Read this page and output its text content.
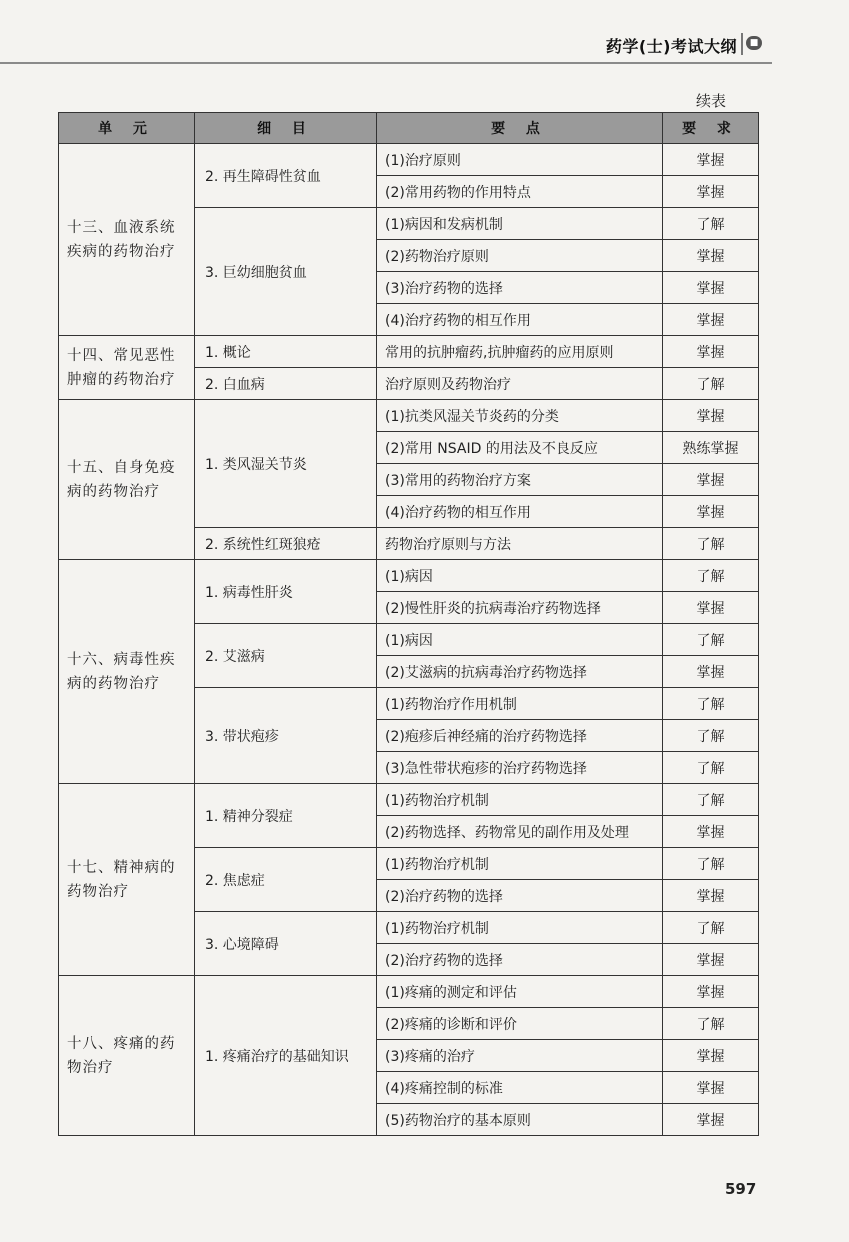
药学(士)考试大纲	■
续表
单 元	细 目	要 点	要 求
十三、血液系统疾病的药物治疗	2. 再生障碍性贫血	(1)治疗原则	掌握
		(2)常用药物的作用特点	掌握
	3. 巨幼细胞贫血	(1)病因和发病机制	了解
		(2)药物治疗原则	掌握
		(3)治疗药物的选择	掌握
		(4)治疗药物的相互作用	掌握
十四、常见恶性肿瘤的药物治疗	1. 概论	常用的抗肿瘤药,抗肿瘤药的应用原则	掌握
	2. 白血病	治疗原则及药物治疗	了解
十五、自身免疫病的药物治疗	1. 类风湿关节炎	(1)抗类风湿关节炎药的分类	掌握
		(2)常用 NSAID 的用法及不良反应	熟练掌握
		(3)常用的药物治疗方案	掌握
		(4)治疗药物的相互作用	掌握
	2. 系统性红斑狼疮	药物治疗原则与方法	了解
十六、病毒性疾病的药物治疗	1. 病毒性肝炎	(1)病因	了解
		(2)慢性肝炎的抗病毒治疗药物选择	掌握
	2. 艾滋病	(1)病因	了解
		(2)艾滋病的抗病毒治疗药物选择	掌握
	3. 带状疱疹	(1)药物治疗作用机制	了解
		(2)疱疹后神经痛的治疗药物选择	了解
		(3)急性带状疱疹的治疗药物选择	了解
十七、精神病的药物治疗	1. 精神分裂症	(1)药物治疗机制	了解
		(2)药物选择、药物常见的副作用及处理	掌握
	2. 焦虑症	(1)药物治疗机制	了解
		(2)治疗药物的选择	掌握
	3. 心境障碍	(1)药物治疗机制	了解
		(2)治疗药物的选择	掌握
十八、疼痛的药物治疗	1. 疼痛治疗的基础知识	(1)疼痛的测定和评估	掌握
		(2)疼痛的诊断和评价	了解
		(3)疼痛的治疗	掌握
		(4)疼痛控制的标准	掌握
		(5)药物治疗的基本原则	掌握
597
